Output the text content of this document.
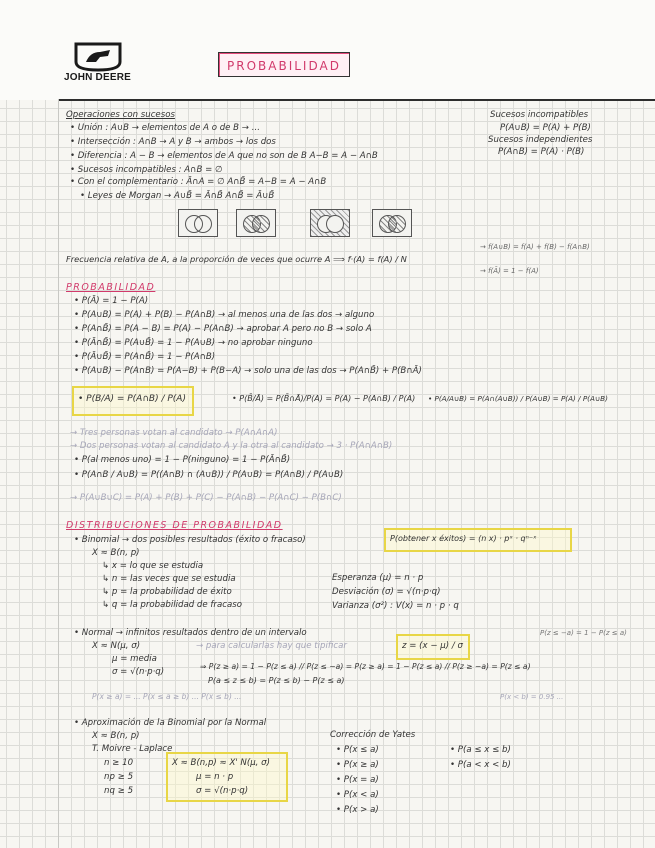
JOHN DEERE
PROBABILIDAD
Operaciones con sucesos
• Unión : A∪B → elementos de A o de B → ...
• Intersección : A∩B → A y B → ambos → los dos
• Diferencia : A − B → elementos de A que no son de B A−B = A − A∩B
• Sucesos incompatibles : A∩B = ∅
• Con el complementario : Ā∩A = ∅ A∩B̄ = A−B = A − A∩B
• Leyes de Morgan → A∪B̄ = Ā∩B̄ A∩B̄ = Ā∪B̄
Sucesos incompatibles
P(A∪B) = P(A) + P(B)
Sucesos independientes
P(A∩B) = P(A) · P(B)
Frecuencia relativa de A, a la proporción de veces que ocurre A ⟹ f·(A) = f(A) / N
→ f(A∪B) = f(A) + f(B) − f(A∩B)
→ f(Ā) = 1 − f(A)
PROBABILIDAD
• P(Ā) = 1 − P(A)
• P(A∪B) = P(A) + P(B) − P(A∩B) → al menos una de las dos → alguno
• P(A∩B̄) = P(A − B) = P(A) − P(A∩B) → aprobar A pero no B → solo A
• P(Ā∩B̄) = P(A∪B̄) = 1 − P(A∪B) → no aprobar ninguno
• P(Ā∪B̄) = P(A∩B̄) = 1 − P(A∩B)
• P(A∪B) − P(A∩B) = P(A−B) + P(B−A) → solo una de las dos → P(A∩B̄) + P(B∩Ā)
• P(B/A) = P(A∩B) / P(A)	• P(B̄/Ā) = P(B̄∩Ā)/P(A) = P(A) − P(A∩B) / P(A) • P(A/A∪B) = P(A∩(A∪B)) / P(A∪B) = P(A) / P(A∪B)
→ Tres personas votan al candidato → P(A∩A∩A)
→ Dos personas votan al candidato A y la otra al candidato → 3 · P(A∩A∩B)
• P(al menos uno) = 1 − P(ninguno) = 1 − P(Ā∩B̄)
• P(A∩B / A∪B) = P((A∩B) ∩ (A∪B)) / P(A∪B) = P(A∩B) / P(A∪B)
→ P(A∪B∪C) = P(A) + P(B) + P(C) − P(A∩B) − P(A∩C) − P(B∩C)
DISTRIBUCIONES DE PROBABILIDAD
• Binomial → dos posibles resultados (éxito o fracaso)	P(obtener x éxitos) = (n x) · pˣ · qⁿ⁻ˣ
X ≈ B(n, p)
↳ x = lo que se estudia
↳ n = las veces que se estudia
↳ p = la probabilidad de éxito
↳ q = la probabilidad de fracaso
Esperanza (μ) = n · p
Desviación (σ) = √(n·p·q)
Varianza (σ²) : V(x) = n · p · q
• Normal → infinitos resultados dentro de un intervalo	P(z ≤ −a) = 1 − P(z ≤ a)
X ≈ N(μ, σ)	→ para calcularlas hay que tipificar	z = (x − μ) / σ
μ = media
σ = √(n·p·q)
⇒ P(z ≥ a) = 1 − P(z ≤ a) // P(z ≤ −a) = P(z ≥ a) = 1 − P(z ≤ a) // P(z ≥ −a) = P(z ≤ a)
P(a ≤ z ≤ b) = P(z ≤ b) − P(z ≤ a)
P(x ≥ a) = ... P(x ≤ a ≥ b) ... P(x ≤ b) ...	P(x < b) = 0.95 ...
• Aproximación de la Binomial por la Normal
X ≈ B(n, p)
T. Moivre - Laplace
n ≥ 10
np ≥ 5
nq ≥ 5
X ≈ B(n,p) ≈ X' N(μ, σ)
μ = n · p
σ = √(n·p·q)
Corrección de Yates
• P(x ≤ a)
• P(x ≥ a)
• P(x = a)
• P(x < a)
• P(x > a)
• P(a ≤ x ≤ b)
• P(a < x < b)
